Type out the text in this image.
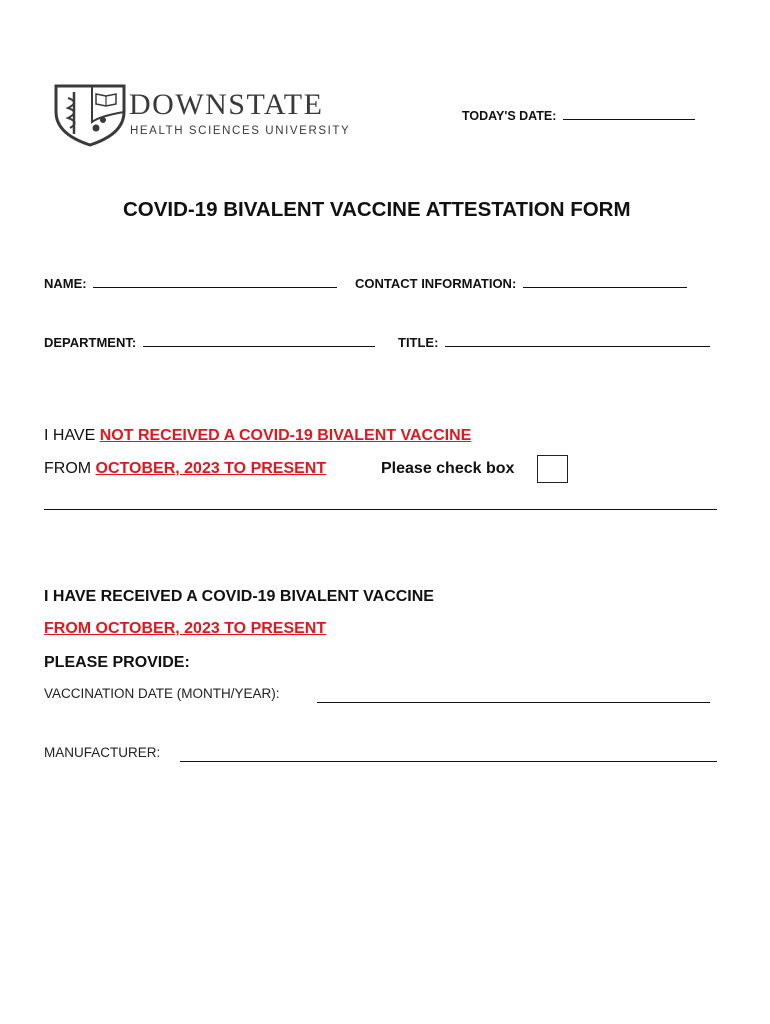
DOWNSTATE
HEALTH SCIENCES UNIVERSITY
TODAY'S DATE:
COVID-19 BIVALENT VACCINE ATTESTATION FORM
NAME:	CONTACT INFORMATION:
DEPARTMENT:	TITLE:
I HAVE NOT RECEIVED A COVID-19 BIVALENT VACCINE
FROM OCTOBER, 2023 TO PRESENT	Please check box
I HAVE RECEIVED A COVID-19 BIVALENT VACCINE
FROM OCTOBER, 2023 TO PRESENT
PLEASE PROVIDE:
VACCINATION DATE (MONTH/YEAR):
MANUFACTURER:
